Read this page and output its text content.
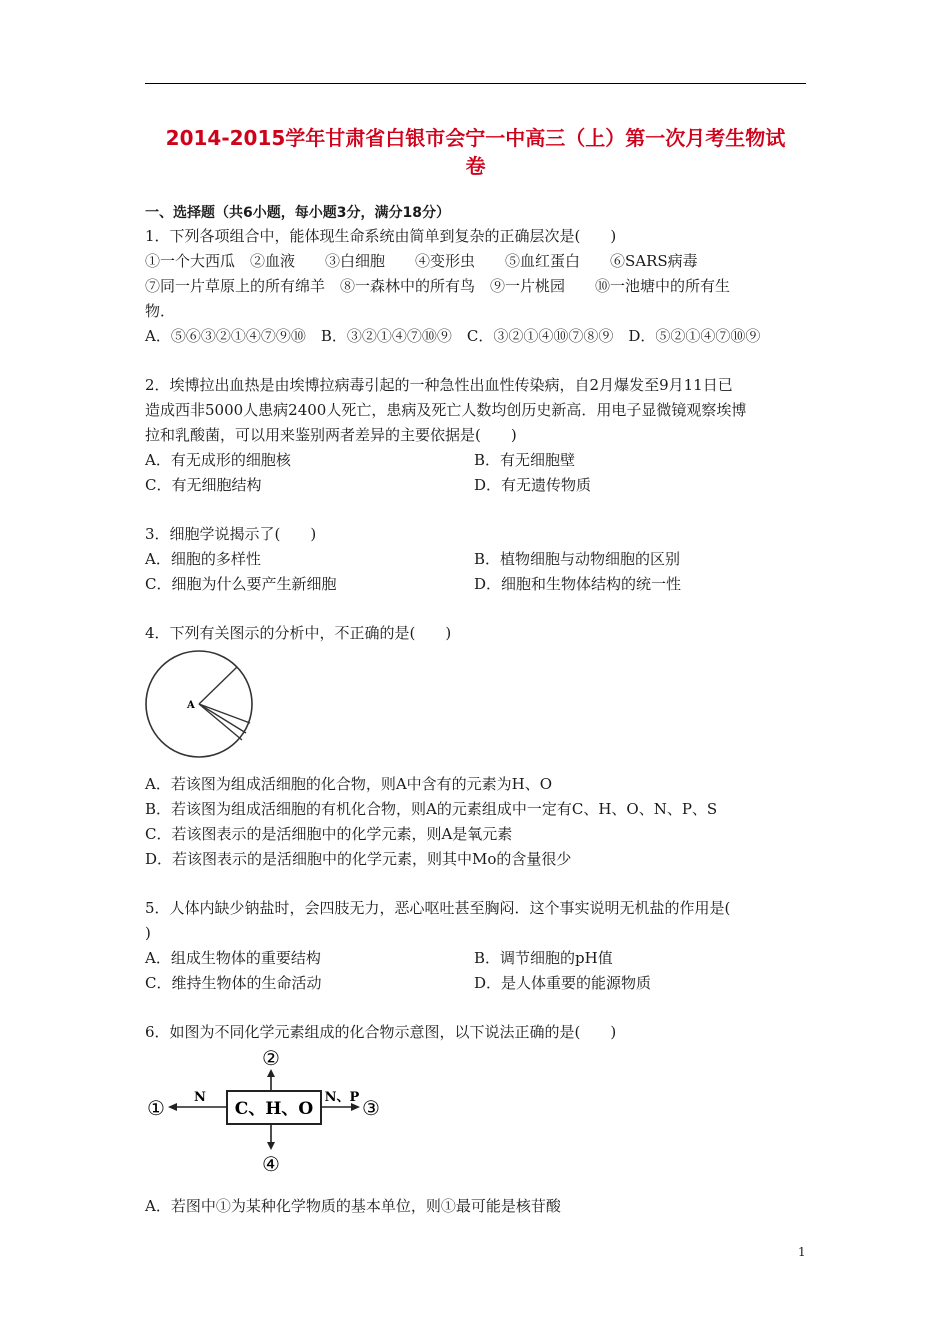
2014-2015学年甘肃省白银市会宁一中高三（上）第一次月考生物试
卷
一、选择题（共6小题，每小题3分，满分18分）
1．下列各项组合中，能体现生命系统由简单到复杂的正确层次是(　　)
①一个大西瓜　②血液　　③白细胞　　④变形虫　　⑤血红蛋白　　⑥SARS病毒
⑦同一片草原上的所有绵羊　⑧一森林中的所有鸟　⑨一片桃园　　⑩一池塘中的所有生
物．
A．⑤⑥③②①④⑦⑨⑩　B．③②①④⑦⑩⑨　C．③②①④⑩⑦⑧⑨　D．⑤②①④⑦⑩⑨
2．埃博拉出血热是由埃博拉病毒引起的一种急性出血性传染病，自2月爆发至9月11日已
造成西非5000人患病2400人死亡，患病及死亡人数均创历史新高．用电子显微镜观察埃博
拉和乳酸菌，可以用来鉴别两者差异的主要依据是(　　)
A．有无成形的细胞核	B．有无细胞壁
C．有无细胞结构	D．有无遗传物质
3．细胞学说揭示了(　　)
A．细胞的多样性	B．植物细胞与动物细胞的区别
C．细胞为什么要产生新细胞	D．细胞和生物体结构的统一性
4．下列有关图示的分析中，不正确的是(　　)
A
A．若该图为组成活细胞的化合物，则A中含有的元素为H、O
B．若该图为组成活细胞的有机化合物，则A的元素组成中一定有C、H、O、N、P、S
C．若该图表示的是活细胞中的化学元素，则A是氧元素
D．若该图表示的是活细胞中的化学元素，则其中Mo的含量很少
5．人体内缺少钠盐时，会四肢无力，恶心呕吐甚至胸闷．这个事实说明无机盐的作用是(
)
A．组成生物体的重要结构	B．调节细胞的pH值
C．维持生物体的生命活动	D．是人体重要的能源物质
6．如图为不同化学元素组成的化合物示意图，以下说法正确的是(　　)
C、H、O
N
①
②
N、P ③
④
A．若图中①为某种化学物质的基本单位，则①最可能是核苷酸
1
